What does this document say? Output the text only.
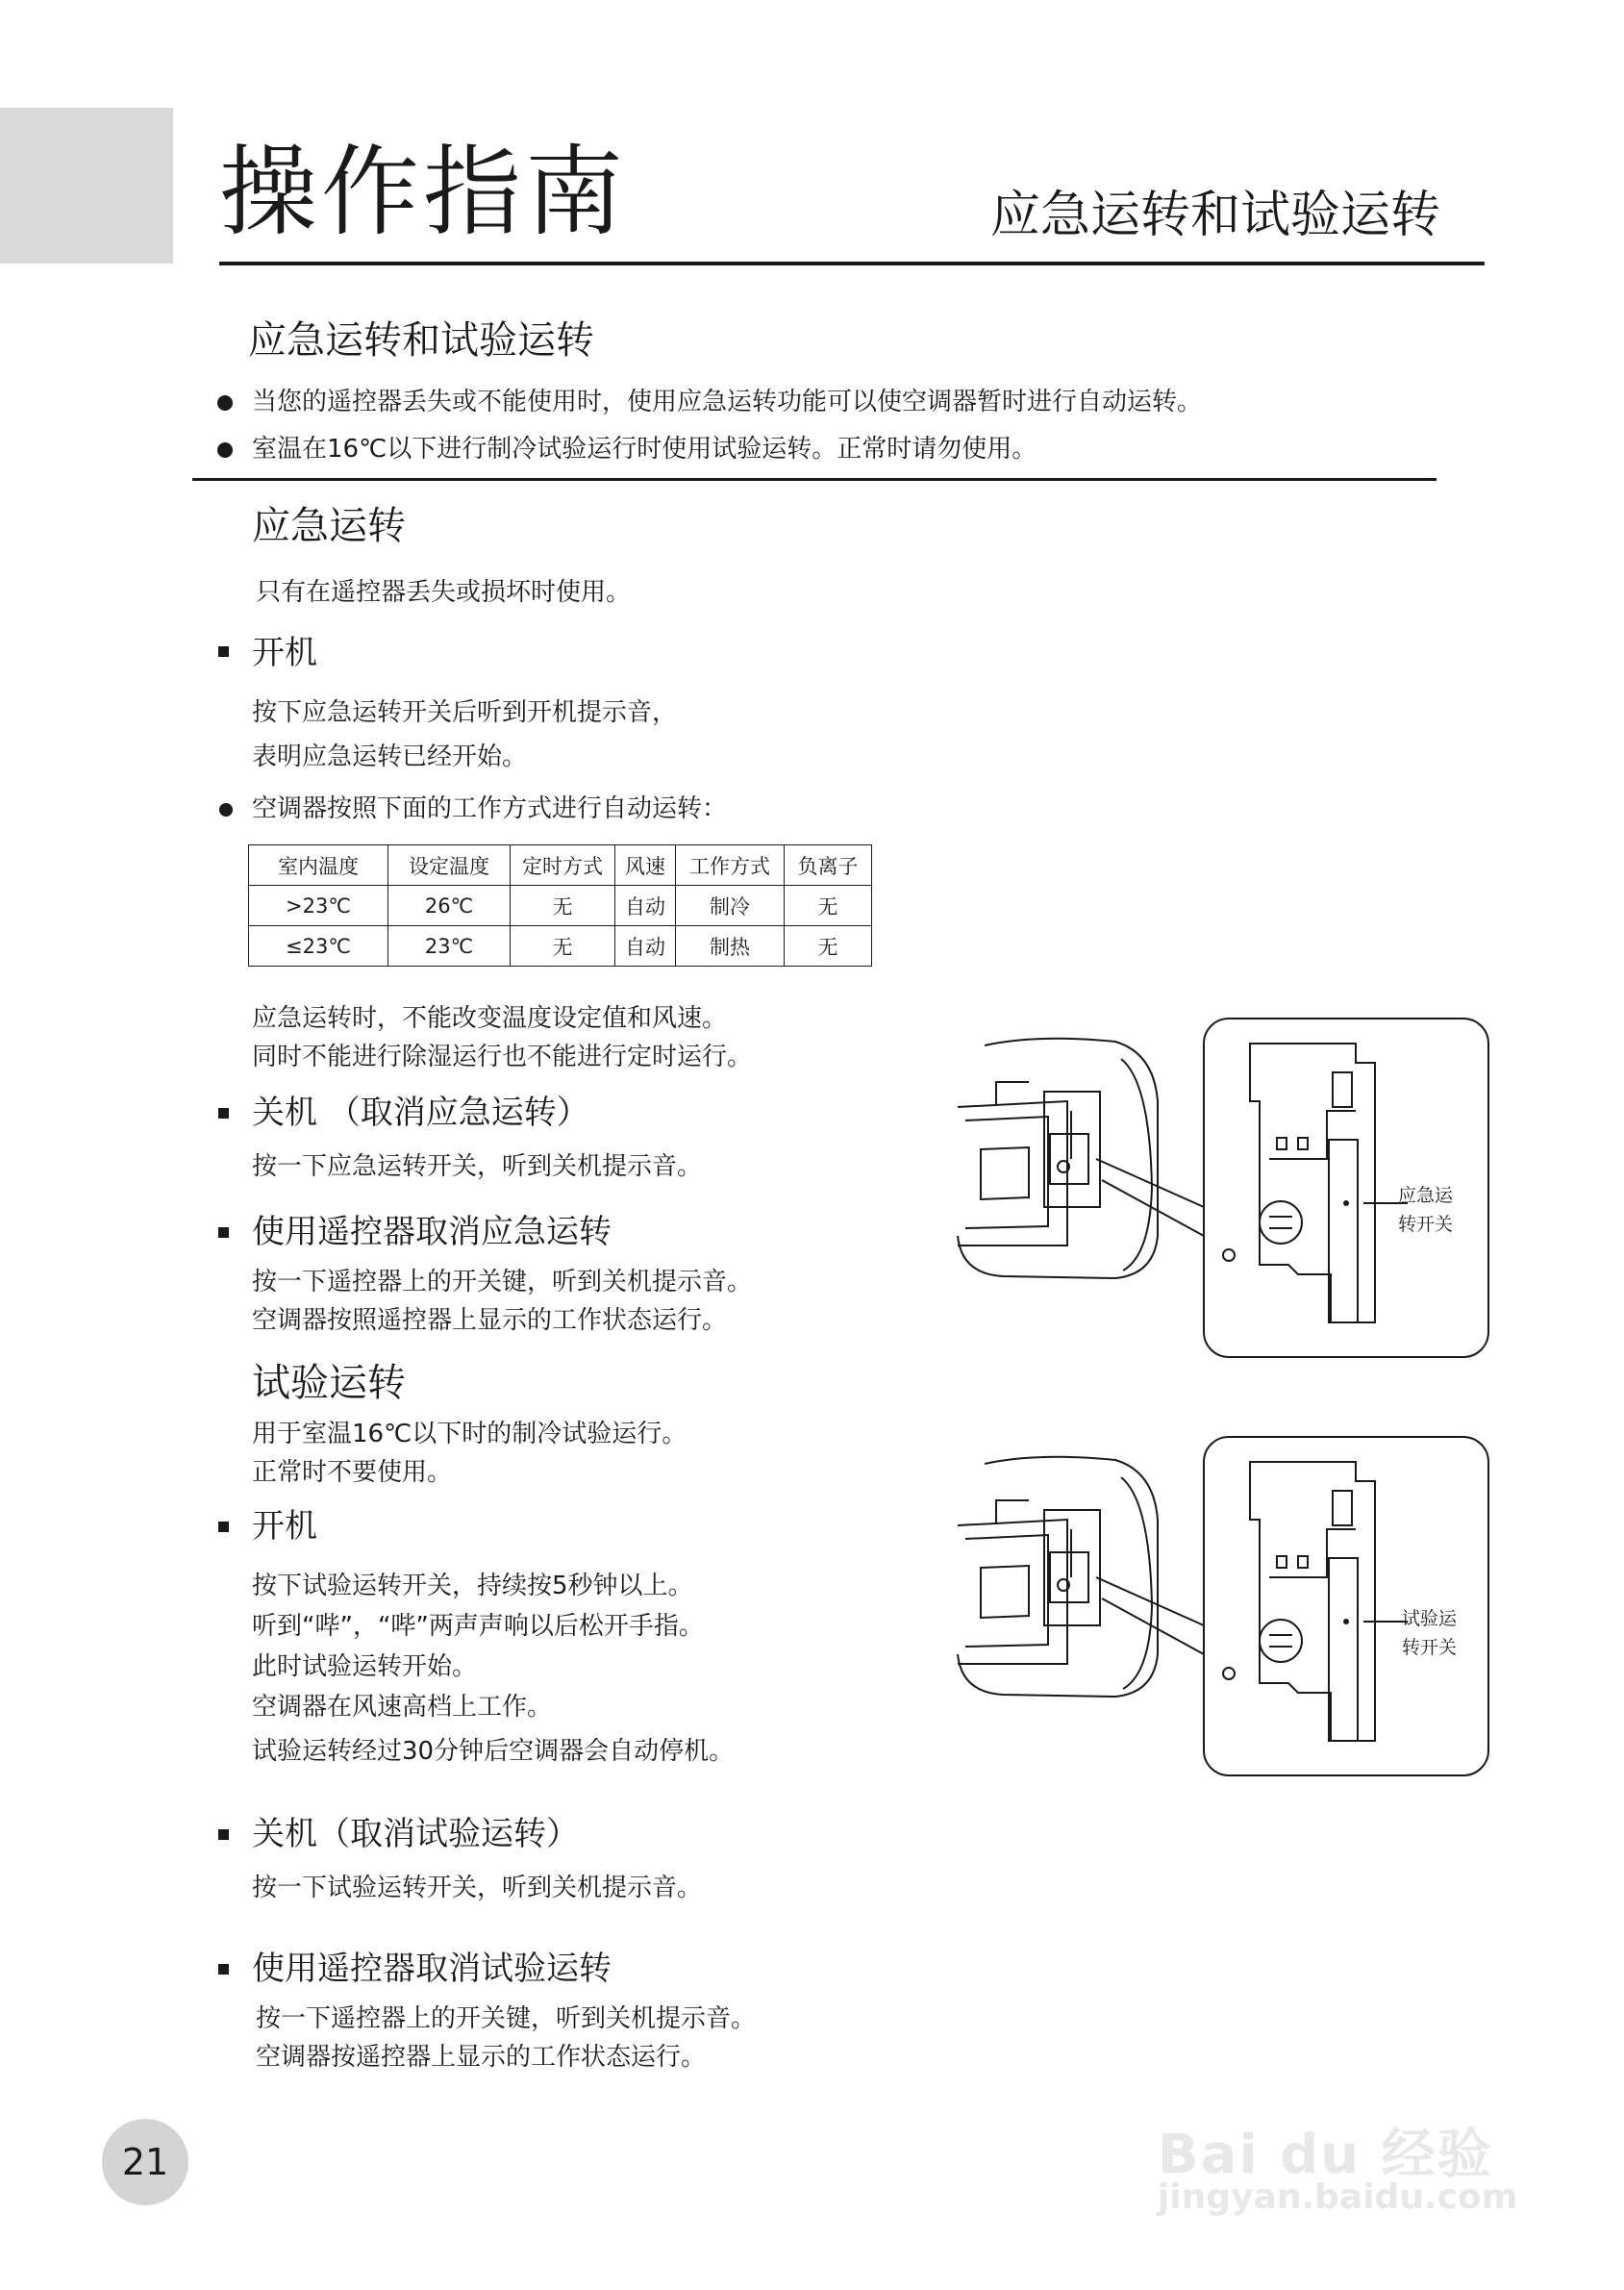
操作指南	应急运转和试验运转
应急运转和试验运转
当您的遥控器丢失或不能使用时，使用应急运转功能可以使空调器暂时进行自动运转。
室温在16℃以下进行制冷试验运行时使用试验运转。正常时请勿使用。
应急运转
只有在遥控器丢失或损坏时使用。
开机
按下应急运转开关后听到开机提示音，
表明应急运转已经开始。
空调器按照下面的工作方式进行自动运转：
室内温度	设定温度	定时方式	风速	工作方式	负离子
>23℃	26℃	无	自动	制冷	无
≤23℃	23℃	无	自动	制热	无
应急运转时，不能改变温度设定值和风速。
同时不能进行除湿运行也不能进行定时运行。
关机 （取消应急运转）
按一下应急运转开关，听到关机提示音。
使用遥控器取消应急运转
按一下遥控器上的开关键，听到关机提示音。
空调器按照遥控器上显示的工作状态运行。
应急运
转开关
试验运转
用于室温16℃以下时的制冷试验运行。
正常时不要使用。
开机
按下试验运转开关，持续按5秒钟以上。
听到“哔”，“哔”两声声响以后松开手指。
此时试验运转开始。
空调器在风速高档上工作。
试验运转经过30分钟后空调器会自动停机。
关机（取消试验运转）
按一下试验运转开关，听到关机提示音。
使用遥控器取消试验运转
按一下遥控器上的开关键，听到关机提示音。
空调器按遥控器上显示的工作状态运行。
试验运
转开关
21	Bai du 经验
jingyan.baidu.com
